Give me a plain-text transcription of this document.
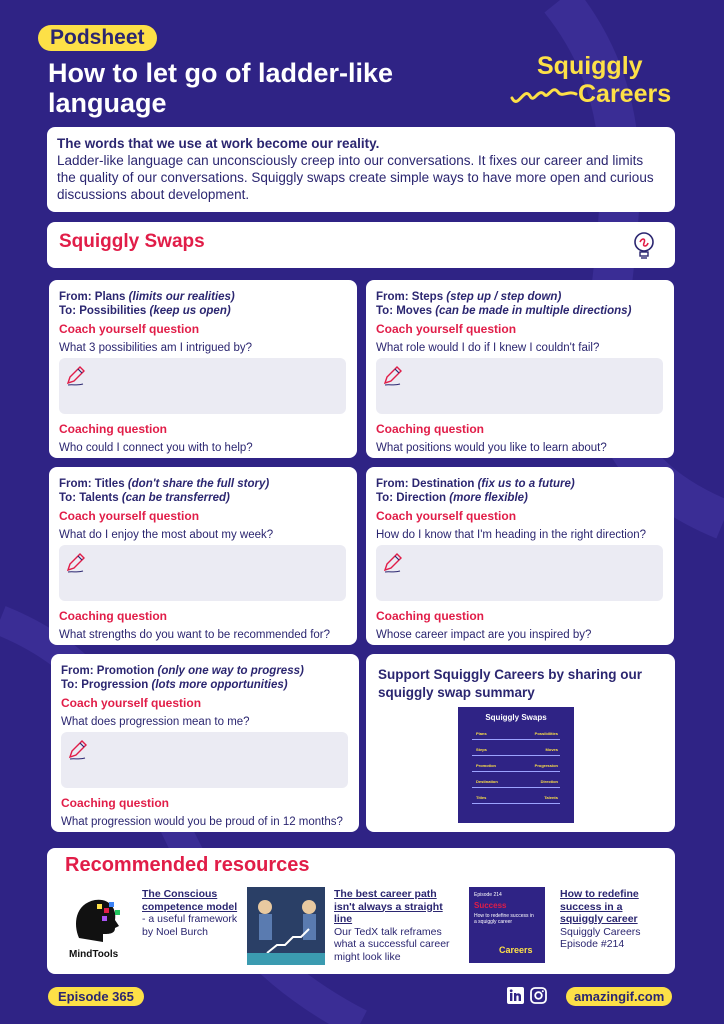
Podsheet
How to let go of ladder-like language
Squiggly
Careers
The words that we use at work become our reality.
Ladder-like language can unconsciously creep into our conversations. It fixes our career and limits the quality of our conversations. Squiggly swaps create simple ways to have more open and curious discussions about development.
Squiggly Swaps
From: Plans (limits our realities)
To: Possibilities (keep us open)
Coach yourself question
What 3 possibilities am I intrigued by?
Coaching question
Who could I connect you with to help?
From: Steps (step up / step down)
To: Moves (can be made in multiple directions)
Coach yourself question
What role would I do if I knew I couldn't fail?
Coaching question
What positions would you like to learn about?
From: Titles (don't share the full story)
To: Talents (can be transferred)
Coach yourself question
What do I enjoy the most about my week?
Coaching question
What strengths do you want to be recommended for?
From: Destination (fix us to a future)
To: Direction (more flexible)
Coach yourself question
How do I know that I'm heading in the right direction?
Coaching question
Whose career impact are you inspired by?
From: Promotion (only one way to progress)
To: Progression (lots more opportunities)
Coach yourself question
What does progression mean to me?
Coaching question
What progression would you be proud of in 12 months?
Support Squiggly Careers by sharing our squiggly swap summary
Squiggly Swaps
Plans	Possibilities
Steps	Moves
Promotion	Progression
Destination	Direction
Titles	Talents
Recommended resources
MindTools
The Conscious competence model - a useful framework by Noel Burch
The best career path isn't always a straight line
Our TedX talk reframes what a successful career might look like
Episode 214
Success
How to redefine success in a squiggly career
Careers
How to redefine success in a squiggly career
Squiggly Careers Episode #214
Episode 365	amazingif.com
